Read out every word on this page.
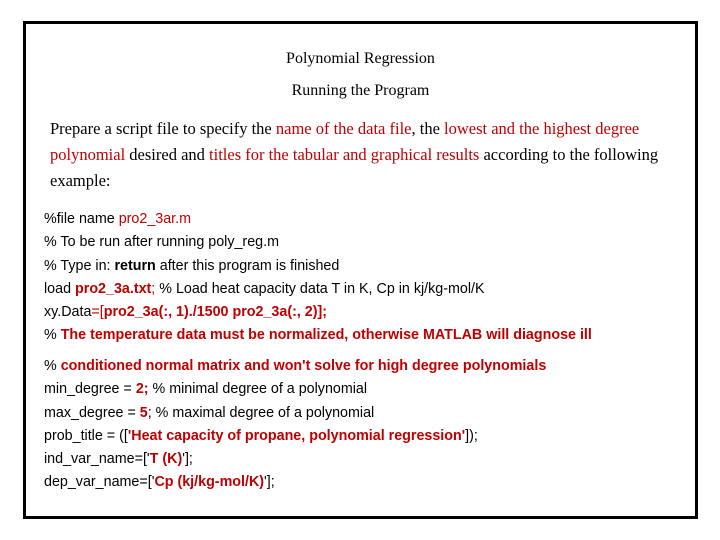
Polynomial Regression
Running the Program
Prepare a script file to specify the name of the data file, the lowest and the highest degree polynomial desired and titles for the tabular and graphical results according to the following example:
%file name pro2_3ar.m
% To be run after running poly_reg.m
% Type in: return after this program is finished
load pro2_3a.txt; % Load heat capacity data T in K, Cp in kj/kg-mol/K
xy.Data=[pro2_3a(:, 1)./1500 pro2_3a(:, 2)];
% The temperature data must be normalized, otherwise MATLAB will diagnose ill
% conditioned normal matrix and won't solve for high degree polynomials
min_degree = 2; % minimal degree of a polynomial
max_degree = 5; % maximal degree of a polynomial
prob_title = (['Heat capacity of propane, polynomial regression']);
ind_var_name=['T (K)'];
dep_var_name=['Cp (kj/kg-mol/K)'];
